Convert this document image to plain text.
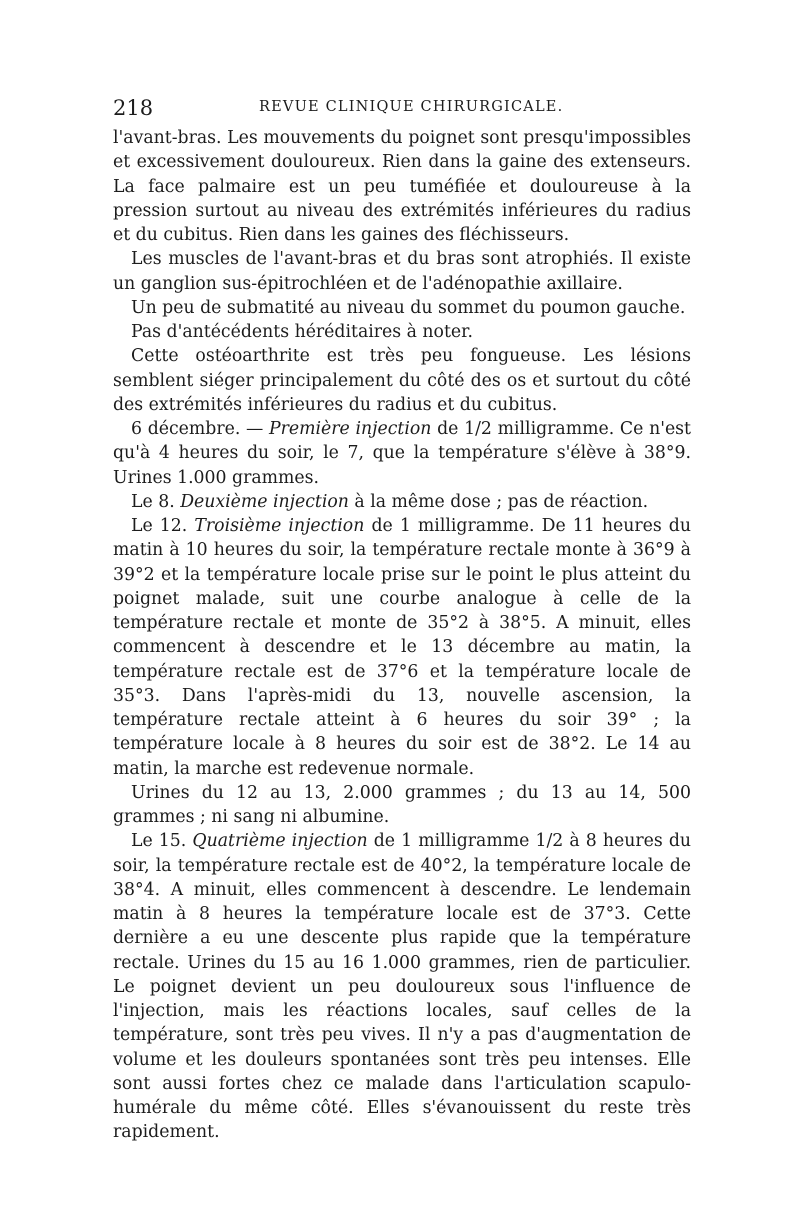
218	REVUE CLINIQUE CHIRURGICALE.

l'avant-bras. Les mouvements du poignet sont presqu'impossibles et excessivement douloureux. Rien dans la gaine des extenseurs. La face palmaire est un peu tuméfiée et douloureuse à la pression surtout au niveau des extrémités inférieures du radius et du cubitus. Rien dans les gaines des fléchisseurs.

Les muscles de l'avant-bras et du bras sont atrophiés. Il existe un ganglion sus-épitrochléen et de l'adénopathie axillaire.

Un peu de submatité au niveau du sommet du poumon gauche.

Pas d'antécédents héréditaires à noter.

Cette ostéoarthrite est très peu fongueuse. Les lésions semblent siéger principalement du côté des os et surtout du côté des extrémités inférieures du radius et du cubitus.

6 décembre. — Première injection de 1/2 milligramme. Ce n'est qu'à 4 heures du soir, le 7, que la température s'élève à 38°9. Urines 1.000 grammes.

Le 8. Deuxième injection à la même dose ; pas de réaction.

Le 12. Troisième injection de 1 milligramme. De 11 heures du matin à 10 heures du soir, la température rectale monte à 36°9 à 39°2 et la température locale prise sur le point le plus atteint du poignet malade, suit une courbe analogue à celle de la température rectale et monte de 35°2 à 38°5. A minuit, elles commencent à descendre et le 13 décembre au matin, la température rectale est de 37°6 et la température locale de 35°3. Dans l'après-midi du 13, nouvelle ascension, la température rectale atteint à 6 heures du soir 39° ; la température locale à 8 heures du soir est de 38°2. Le 14 au matin, la marche est redevenue normale.

Urines du 12 au 13, 2.000 grammes ; du 13 au 14, 500 grammes ; ni sang ni albumine.

Le 15. Quatrième injection de 1 milligramme 1/2 à 8 heures du soir, la température rectale est de 40°2, la température locale de 38°4. A minuit, elles commencent à descendre. Le lendemain matin à 8 heures la température locale est de 37°3. Cette dernière a eu une descente plus rapide que la température rectale. Urines du 15 au 16 1.000 grammes, rien de particulier. Le poignet devient un peu douloureux sous l'influence de l'injection, mais les réactions locales, sauf celles de la température, sont très peu vives. Il n'y a pas d'augmentation de volume et les douleurs spontanées sont très peu intenses. Elle sont aussi fortes chez ce malade dans l'articulation scapulo-humérale du même côté. Elles s'évanouissent du reste très rapidement.
